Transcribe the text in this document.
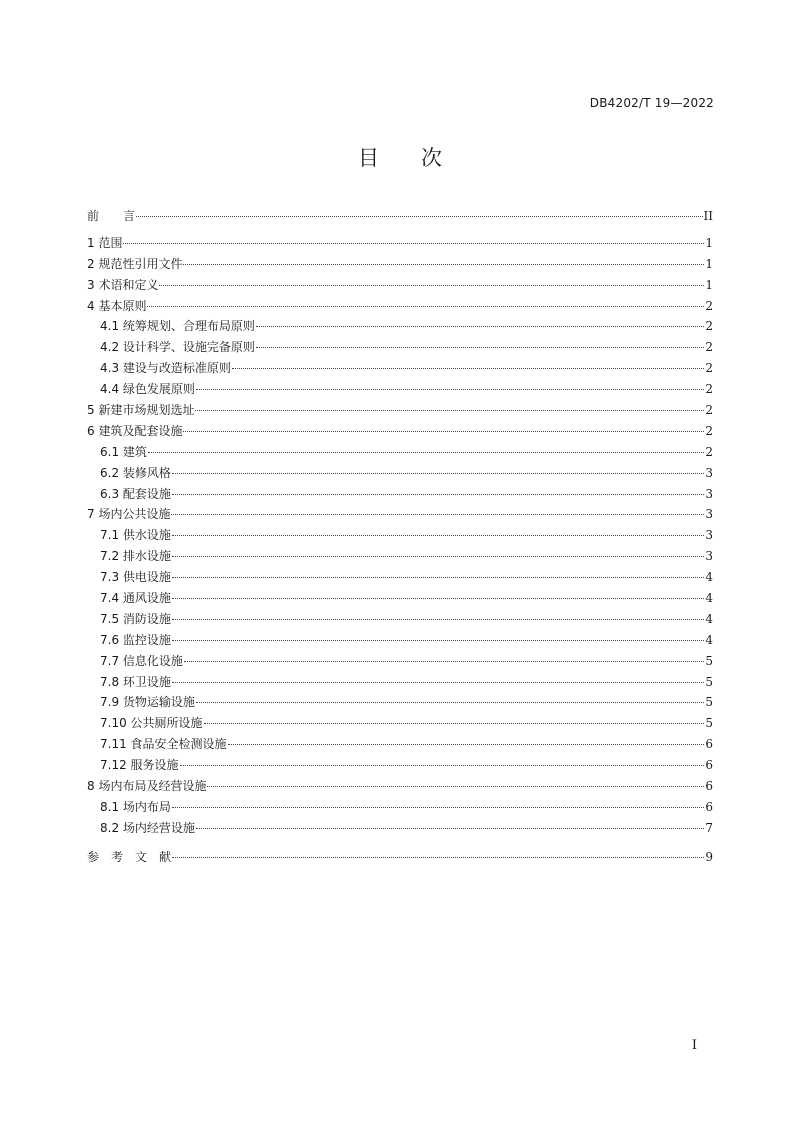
DB4202/T 19—2022
目 次
前　　言	II
1 范围	1
2 规范性引用文件	1
3 术语和定义	1
4 基本原则	2
4.1 统筹规划、合理布局原则	2
4.2 设计科学、设施完备原则	2
4.3 建设与改造标准原则	2
4.4 绿色发展原则	2
5 新建市场规划选址	2
6 建筑及配套设施	2
6.1 建筑	2
6.2 装修风格	3
6.3 配套设施	3
7 场内公共设施	3
7.1 供水设施	3
7.2 排水设施	3
7.3 供电设施	4
7.4 通风设施	4
7.5 消防设施	4
7.6 监控设施	4
7.7 信息化设施	5
7.8 环卫设施	5
7.9 货物运输设施	5
7.10 公共厕所设施	5
7.11 食品安全检测设施	6
7.12 服务设施	6
8 场内布局及经营设施	6
8.1 场内布局	6
8.2 场内经营设施	7
参　考　文　献	9
I
